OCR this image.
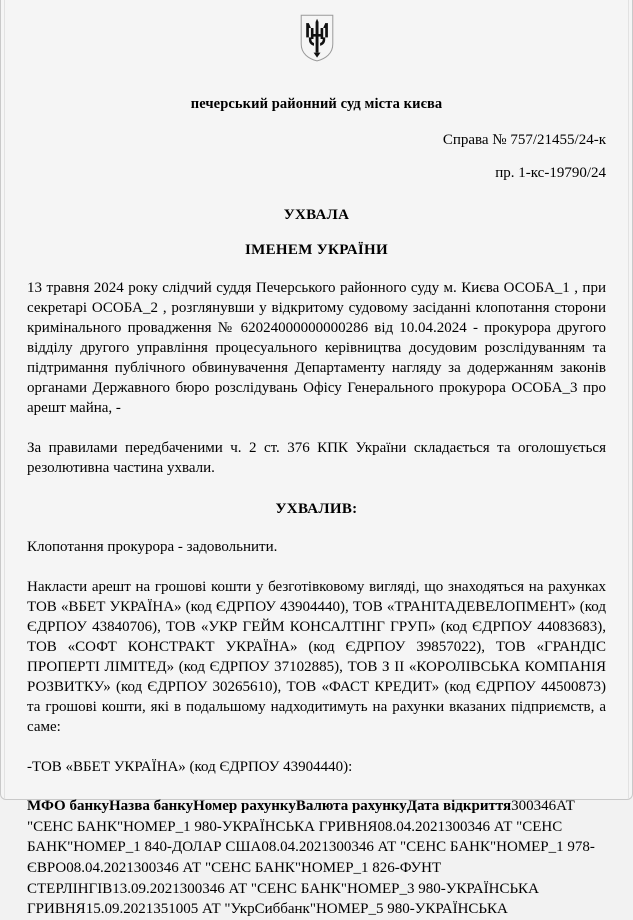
печерський районний суд міста києва
Справа № 757/21455/24-к
пр. 1-кс-19790/24
УХВАЛА
ІМЕНЕМ УКРАЇНИ

13 травня 2024 року слідчий суддя Печерського районного суду м. Києва ОСОБА_1 , при секретарі ОСОБА_2 , розглянувши у відкритому судовому засіданні клопотання сторони кримінального провадження № 62024000000000286 від 10.04.2024 - прокурора другого відділу другого управління процесуального керівництва досудовим розслідуванням та підтримання публічного обвинувачення Департаменту нагляду за додержанням законів органами Державного бюро розслідувань Офісу Генерального прокурора ОСОБА_3 про арешт майна, -

За правилами передбаченими ч. 2 ст. 376 КПК України складається та оголошується резолютивна частина ухвали.

УХВАЛИВ:

Клопотання прокурора - задовольнити.

Накласти арешт на грошові кошти у безготівковому вигляді, що знаходяться на рахунках ТОВ «ВБЕТ УКРАЇНА» (код ЄДРПОУ 43904440), ТОВ «ТРАНІТАДЕВЕЛОПМЕНТ» (код ЄДРПОУ 43840706), ТОВ «УКР ГЕЙМ КОНСАЛТІНГ ГРУП» (код ЄДРПОУ 44083683), ТОВ «СОФТ КОНСТРАКТ УКРАЇНА» (код ЄДРПОУ 39857022), ТОВ «ГРАНДІС ПРОПЕРТІ ЛІМІТЕД» (код ЄДРПОУ 37102885), ТОВ З ІІ «КОРОЛІВСЬКА КОМПАНІЯ РОЗВИТКУ» (код ЄДРПОУ 30265610), ТОВ «ФАСТ КРЕДИТ» (код ЄДРПОУ 44500873) та грошові кошти, які в подальшому надходитимуть на рахунки вказаних підприємств, а саме:

-ТОВ «ВБЕТ УКРАЇНА» (код ЄДРПОУ 43904440):

МФО банкуНазва банкуНомер рахункуВалюта рахункуДата відкриття300346АТ "СЕНС БАНК"НОМЕР_1 980-УКРАЇНСЬКА ГРИВНЯ08.04.2021300346 АТ "СЕНС БАНК"НОМЕР_1 840-ДОЛАР США08.04.2021300346 АТ "СЕНС БАНК"НОМЕР_1 978-ЄВРО08.04.2021300346 АТ "СЕНС БАНК"НОМЕР_1 826-ФУНТ СТЕРЛІНГІВ13.09.2021300346 АТ "СЕНС БАНК"НОМЕР_3 980-УКРАЇНСЬКА ГРИВНЯ15.09.2021351005 АТ "УкрСиббанк"НОМЕР_5 980-УКРАЇНСЬКА
